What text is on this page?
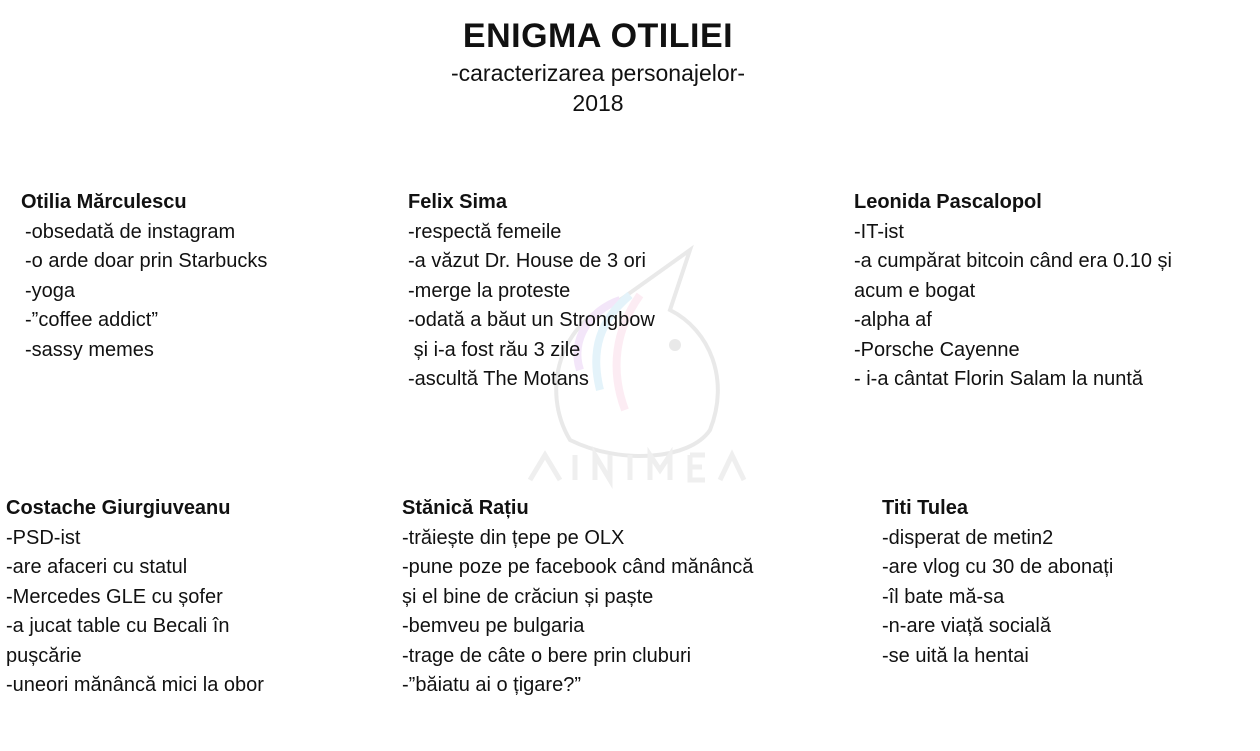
ENIGMA OTILIEI

-caracterizarea personajelor-

2018

Otilia Mărculescu

-obsedată de instagram
-o arde doar prin Starbucks
-yoga
-”coffee addict”
-sassy memes

Felix Sima

-respectă femeile
-a văzut Dr. House de 3 ori
-merge la proteste
-odată a băut un Strongbow
și i-a fost rău 3 zile
-ascultă The Motans

Leonida Pascalopol

-IT-ist
-a cumpărat bitcoin când era 0.10 și
acum e bogat
-alpha af
-Porsche Cayenne
- i-a cântat Florin Salam la nuntă

Costache Giurgiuveanu

-PSD-ist
-are afaceri cu statul
-Mercedes GLE cu șofer
-a jucat table cu Becali în
pușcărie
-uneori mănâncă mici la obor

Stănică Rațiu

-trăiește din țepe pe OLX
-pune poze pe facebook când mănâncă
și el bine de crăciun și paște
-bemveu pe bulgaria
-trage de câte o bere prin cluburi
-”băiatu ai o țigare?”

Titi Tulea

-disperat de metin2
-are vlog cu 30 de abonați
-îl bate mă-sa
-n-are viață socială
-se uită la hentai
